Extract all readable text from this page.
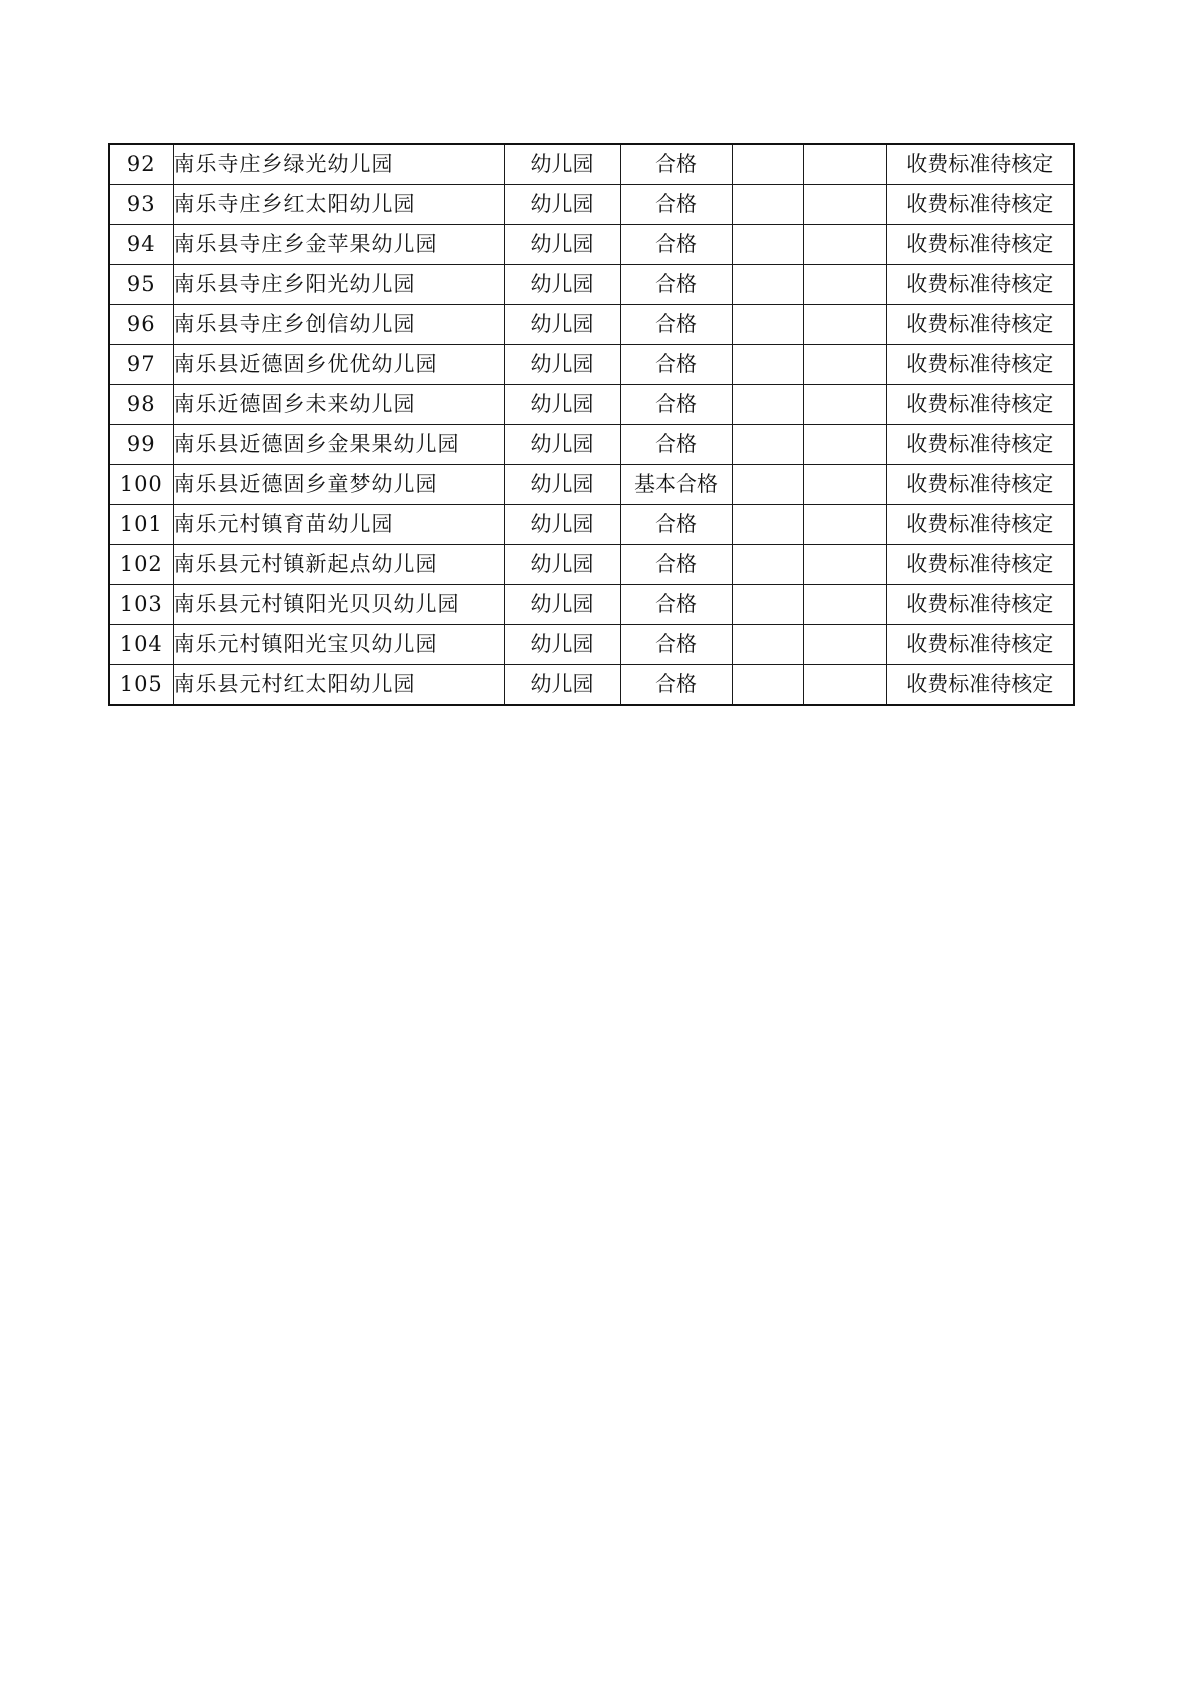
92	南乐寺庄乡绿光幼儿园	幼儿园	合格			收费标准待核定
93	南乐寺庄乡红太阳幼儿园	幼儿园	合格			收费标准待核定
94	南乐县寺庄乡金苹果幼儿园	幼儿园	合格			收费标准待核定
95	南乐县寺庄乡阳光幼儿园	幼儿园	合格			收费标准待核定
96	南乐县寺庄乡创信幼儿园	幼儿园	合格			收费标准待核定
97	南乐县近德固乡优优幼儿园	幼儿园	合格			收费标准待核定
98	南乐近德固乡未来幼儿园	幼儿园	合格			收费标准待核定
99	南乐县近德固乡金果果幼儿园	幼儿园	合格			收费标准待核定
100	南乐县近德固乡童梦幼儿园	幼儿园	基本合格			收费标准待核定
101	南乐元村镇育苗幼儿园	幼儿园	合格			收费标准待核定
102	南乐县元村镇新起点幼儿园	幼儿园	合格			收费标准待核定
103	南乐县元村镇阳光贝贝幼儿园	幼儿园	合格			收费标准待核定
104	南乐元村镇阳光宝贝幼儿园	幼儿园	合格			收费标准待核定
105	南乐县元村红太阳幼儿园	幼儿园	合格			收费标准待核定
